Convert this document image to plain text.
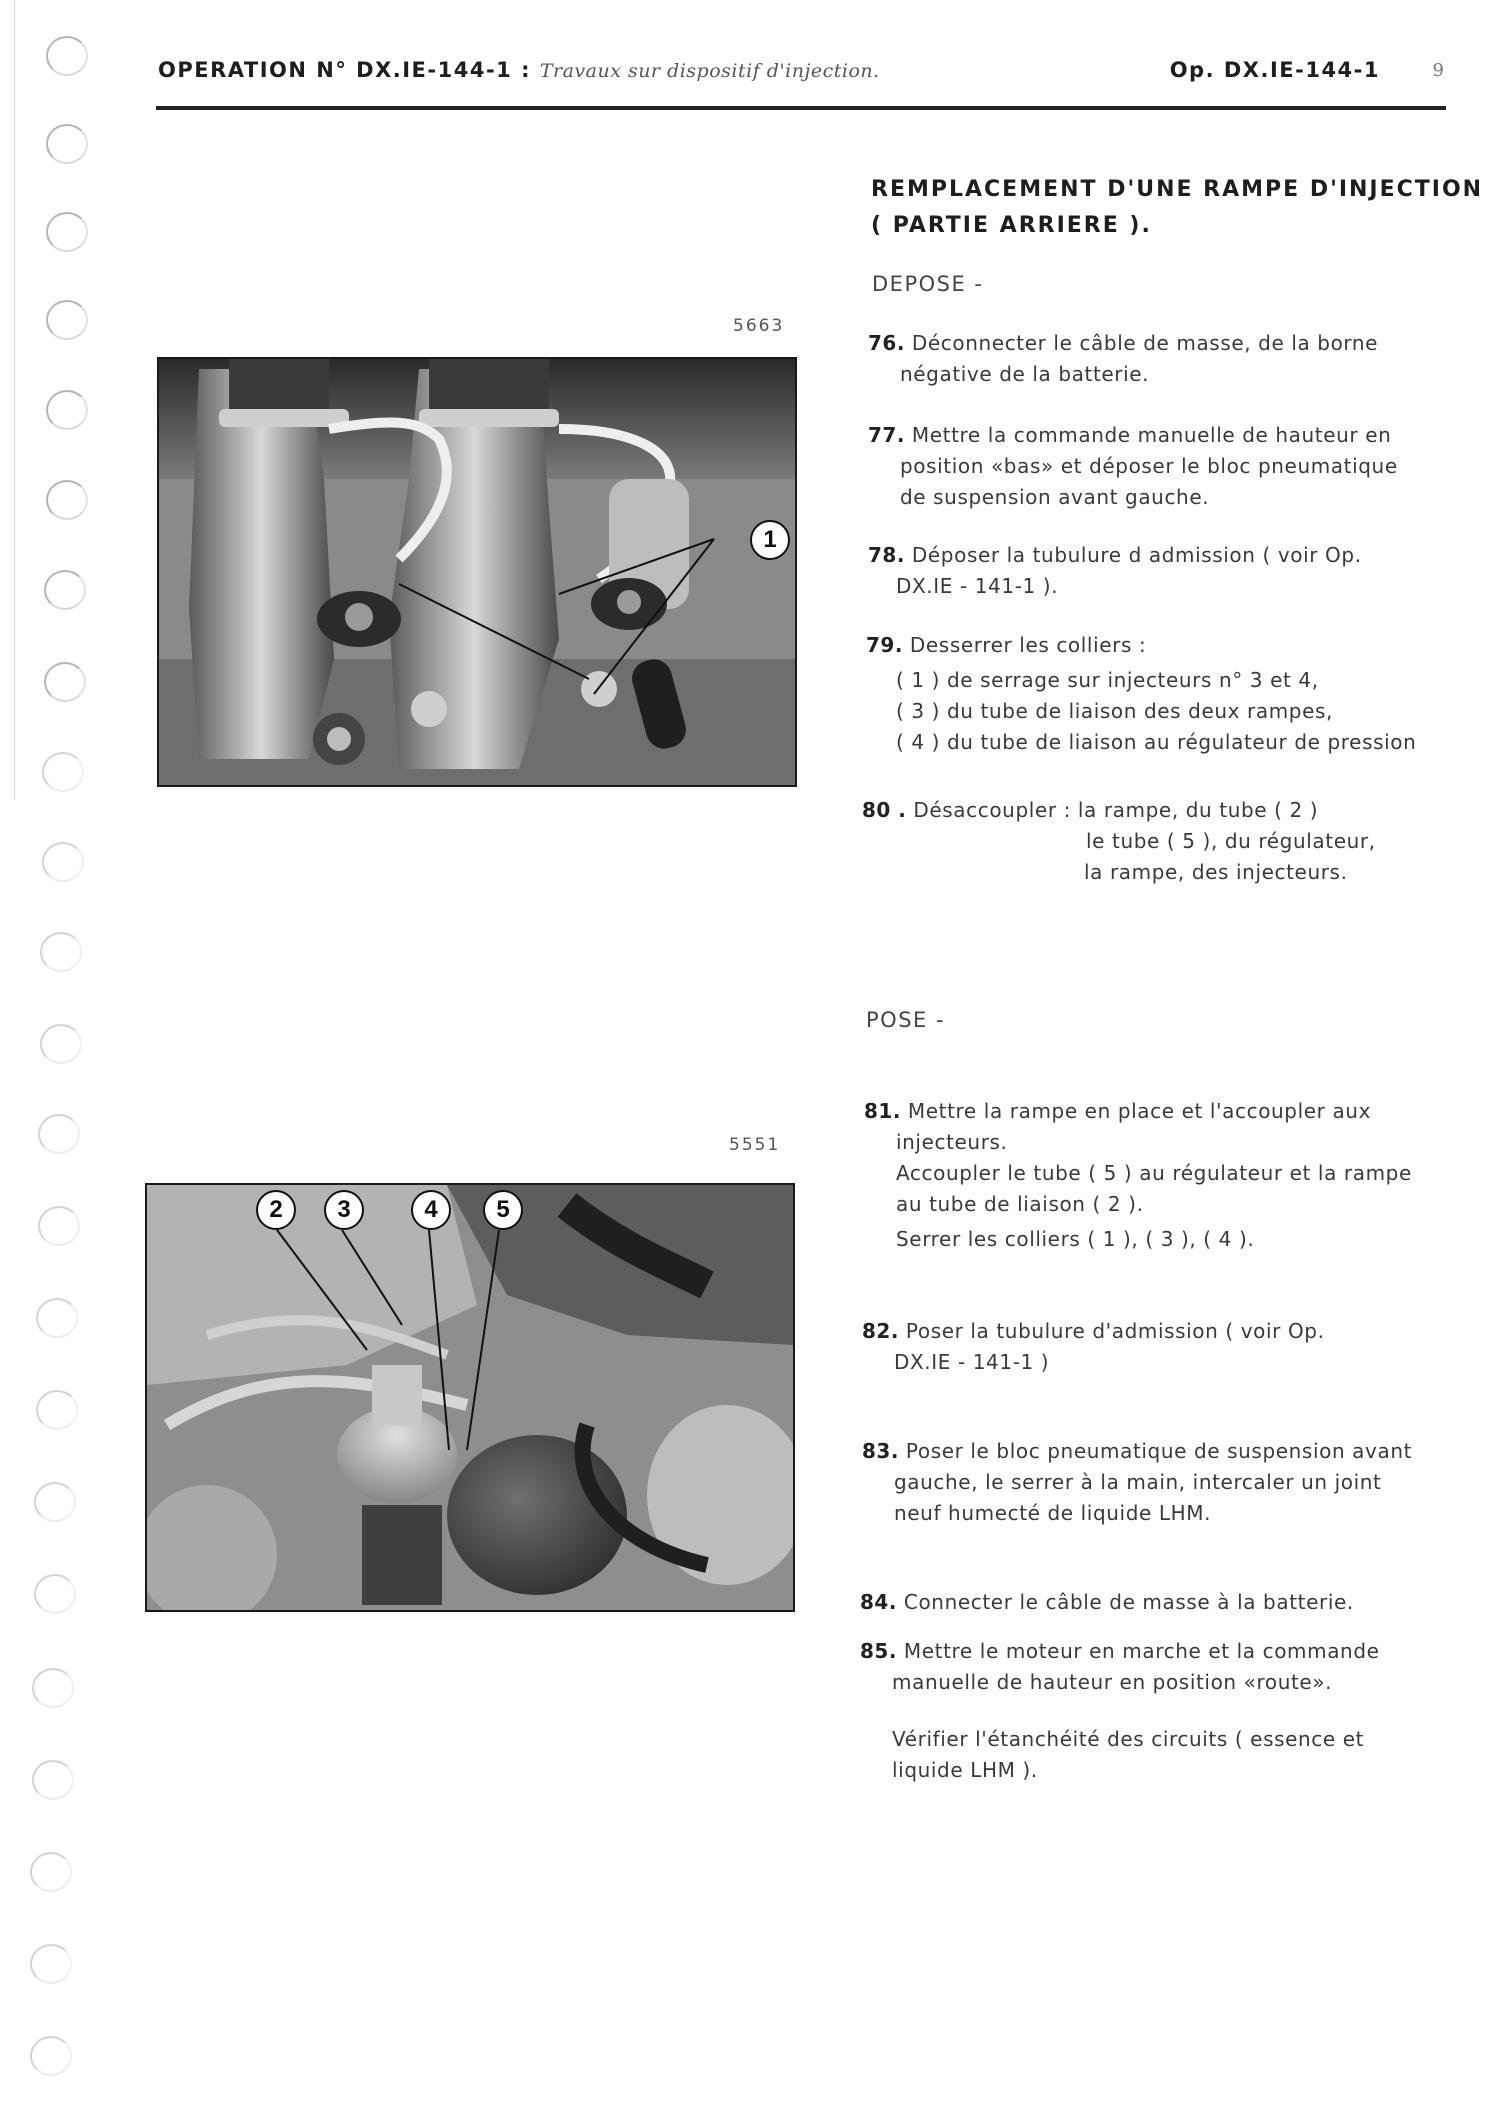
OPERATION N° DX.IE-144-1 : Travaux sur dispositif d'injection.	Op. DX.IE-144-1	9
REMPLACEMENT D'UNE RAMPE D'INJECTION
( PARTIE ARRIERE ).
DEPOSE -
POSE -
5663
1
5551
2	3	4	5
76. Déconnecter le câble de masse, de la borne
négative de la batterie.
77. Mettre la commande manuelle de hauteur en
position «bas» et déposer le bloc pneumatique
de suspension avant gauche.
78. Déposer la tubulure d admission ( voir Op.
DX.IE - 141-1 ).
79. Desserrer les colliers :
( 1 ) de serrage sur injecteurs n° 3 et 4,
( 3 ) du tube de liaison des deux rampes,
( 4 ) du tube de liaison au régulateur de pression
80 . Désaccoupler : la rampe, du tube ( 2 )
le tube ( 5 ), du régulateur,
la rampe, des injecteurs.
81. Mettre la rampe en place et l'accoupler aux
injecteurs.
Accoupler le tube ( 5 ) au régulateur et la rampe
au tube de liaison ( 2 ).
Serrer les colliers ( 1 ), ( 3 ), ( 4 ).
82. Poser la tubulure d'admission ( voir Op.
DX.IE - 141-1 )
83. Poser le bloc pneumatique de suspension avant
gauche, le serrer à la main, intercaler un joint
neuf humecté de liquide LHM.
84. Connecter le câble de masse à la batterie.
85. Mettre le moteur en marche et la commande
manuelle de hauteur en position «route».
Vérifier l'étanchéité des circuits ( essence et
liquide LHM ).
